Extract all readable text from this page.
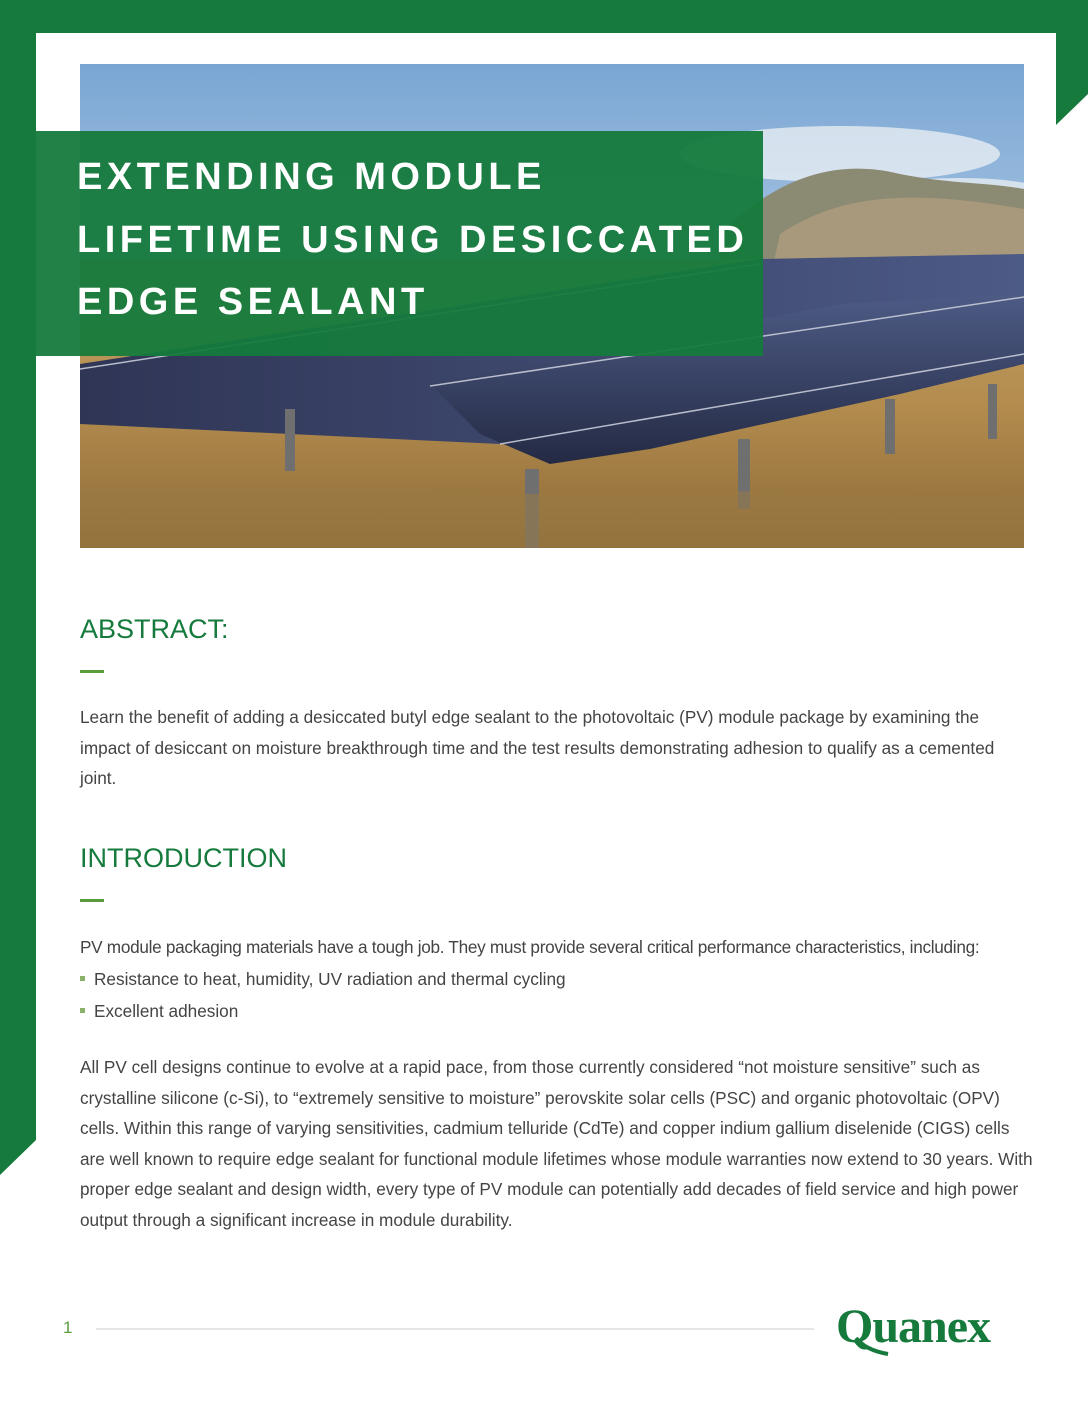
EXTENDING MODULE
LIFETIME USING DESICCATED
EDGE SEALANT
ABSTRACT:

Learn the benefit of adding a desiccated butyl edge sealant to the photovoltaic (PV) module package by examining the impact of desiccant on moisture breakthrough time and the test results demonstrating adhesion to qualify as a cemented joint.

INTRODUCTION

PV module packaging materials have a tough job. They must provide several critical performance characteristics, including:

Resistance to heat, humidity, UV radiation and thermal cycling
Excellent adhesion

All PV cell designs continue to evolve at a rapid pace, from those currently considered “not moisture sensitive” such as crystalline silicone (c-Si), to “extremely sensitive to moisture” perovskite solar cells (PSC) and organic photovoltaic (OPV) cells. Within this range of varying sensitivities, cadmium telluride (CdTe) and copper indium gallium diselenide (CIGS) cells are well known to require edge sealant for functional module lifetimes whose module warranties now extend to 30 years. With proper edge sealant and design width, every type of PV module can potentially add decades of field service and high power output through a significant increase in module durability.

1	Quanex
